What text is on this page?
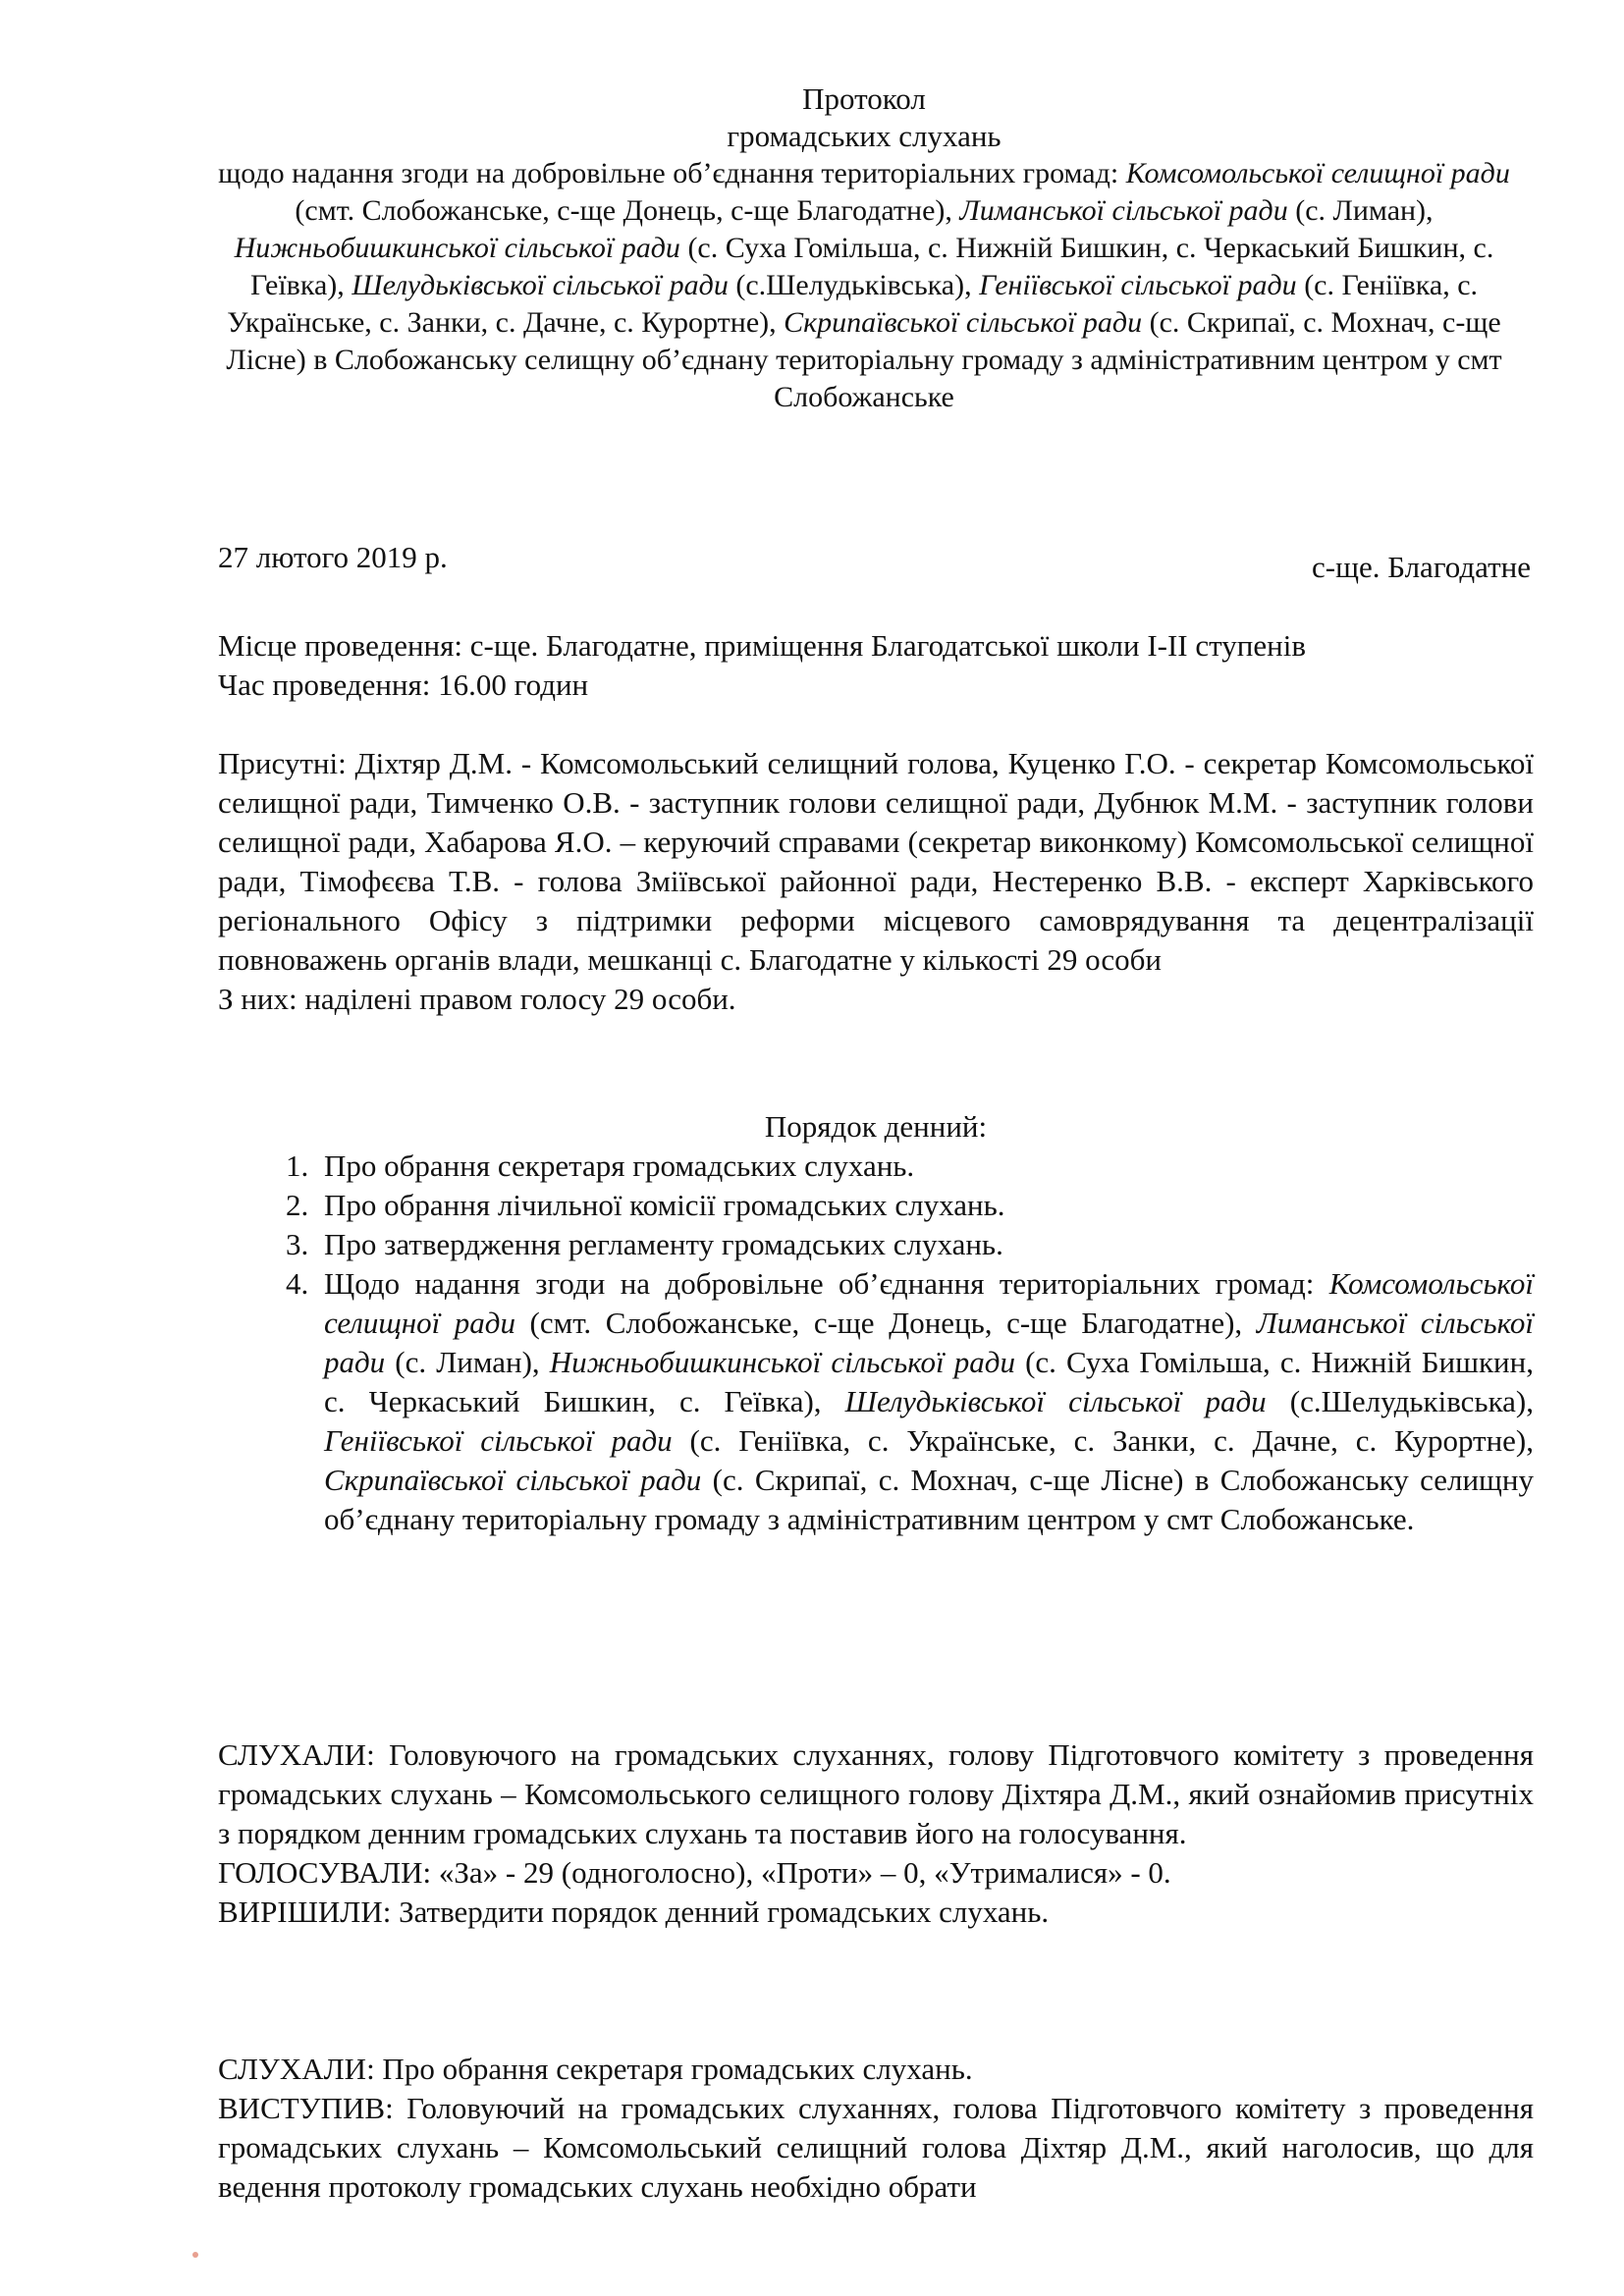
Протокол
громадських слухань
щодо надання згоди на добровільне об’єднання територіальних громад: Комсомольської селищної ради (смт. Слобожанське, с-ще Донець, с-ще Благодатне), Лиманської сільської ради (с. Лиман), Нижньобишкинської сільської ради (с. Суха Гомільша, с. Нижній Бишкин, с. Черкаський Бишкин, с. Геївка), Шелудьківської сільської ради (с.Шелудьківська), Геніївської сільської ради (с. Геніївка, с. Українське, с. Занки, с. Дачне, с. Курортне), Скрипаївської сільської ради (с. Скрипаї, с. Мохнач, с-ще Лісне) в Слобожанську селищну об’єднану територіальну громаду з адміністративним центром у смт Слобожанське
27 лютого 2019 р.	с-ще. Благодатне
Місце проведення: с-ще. Благодатне, приміщення Благодатської школи І-ІІ ступенів
Час проведення: 16.00 годин
Присутні: Діхтяр Д.М. - Комсомольський селищний голова, Куценко Г.О. - секретар Комсомольської селищної ради, Тимченко О.В. - заступник голови селищної ради, Дубнюк М.М. - заступник голови селищної ради, Хабарова Я.О. – керуючий справами (секретар виконкому) Комсомольської селищної ради, Тімофєєва Т.В. - голова Зміївської районної ради, Нестеренко В.В. - експерт Харківського регіонального Офісу з підтримки реформи місцевого самоврядування та децентралізації повноважень органів влади, мешканці с. Благодатне у кількості 29 особи
З них: наділені правом голосу 29 особи.
Порядок денний:
1. Про обрання секретаря громадських слухань.
2. Про обрання лічильної комісії громадських слухань.
3. Про затвердження регламенту громадських слухань.
4. Щодо надання згоди на добровільне об’єднання територіальних громад: Комсомольської селищної ради (смт. Слобожанське, с-ще Донець, с-ще Благодатне), Лиманської сільської ради (с. Лиман), Нижньобишкинської сільської ради (с. Суха Гомільша, с. Нижній Бишкин, с. Черкаський Бишкин, с. Геївка), Шелудьківської сільської ради (с.Шелудьківська), Геніївської сільської ради (с. Геніївка, с. Українське, с. Занки, с. Дачне, с. Курортне), Скрипаївської сільської ради (с. Скрипаї, с. Мохнач, с-ще Лісне) в Слобожанську селищну об’єднану територіальну громаду з адміністративним центром у смт Слобожанське.
СЛУХАЛИ: Головуючого на громадських слуханнях, голову Підготовчого комітету з проведення громадських слухань – Комсомольського селищного голову Діхтяра Д.М., який ознайомив присутніх з порядком денним громадських слухань та поставив його на голосування.
ГОЛОСУВАЛИ: «За» - 29 (одноголосно), «Проти» – 0, «Утрималися» - 0.
ВИРІШИЛИ: Затвердити порядок денний громадських слухань.
СЛУХАЛИ: Про обрання секретаря громадських слухань.
ВИСТУПИВ: Головуючий на громадських слуханнях, голова Підготовчого комітету з проведення громадських слухань – Комсомольський селищний голова Діхтяр Д.М., який наголосив, що для ведення протоколу громадських слухань необхідно обрати
